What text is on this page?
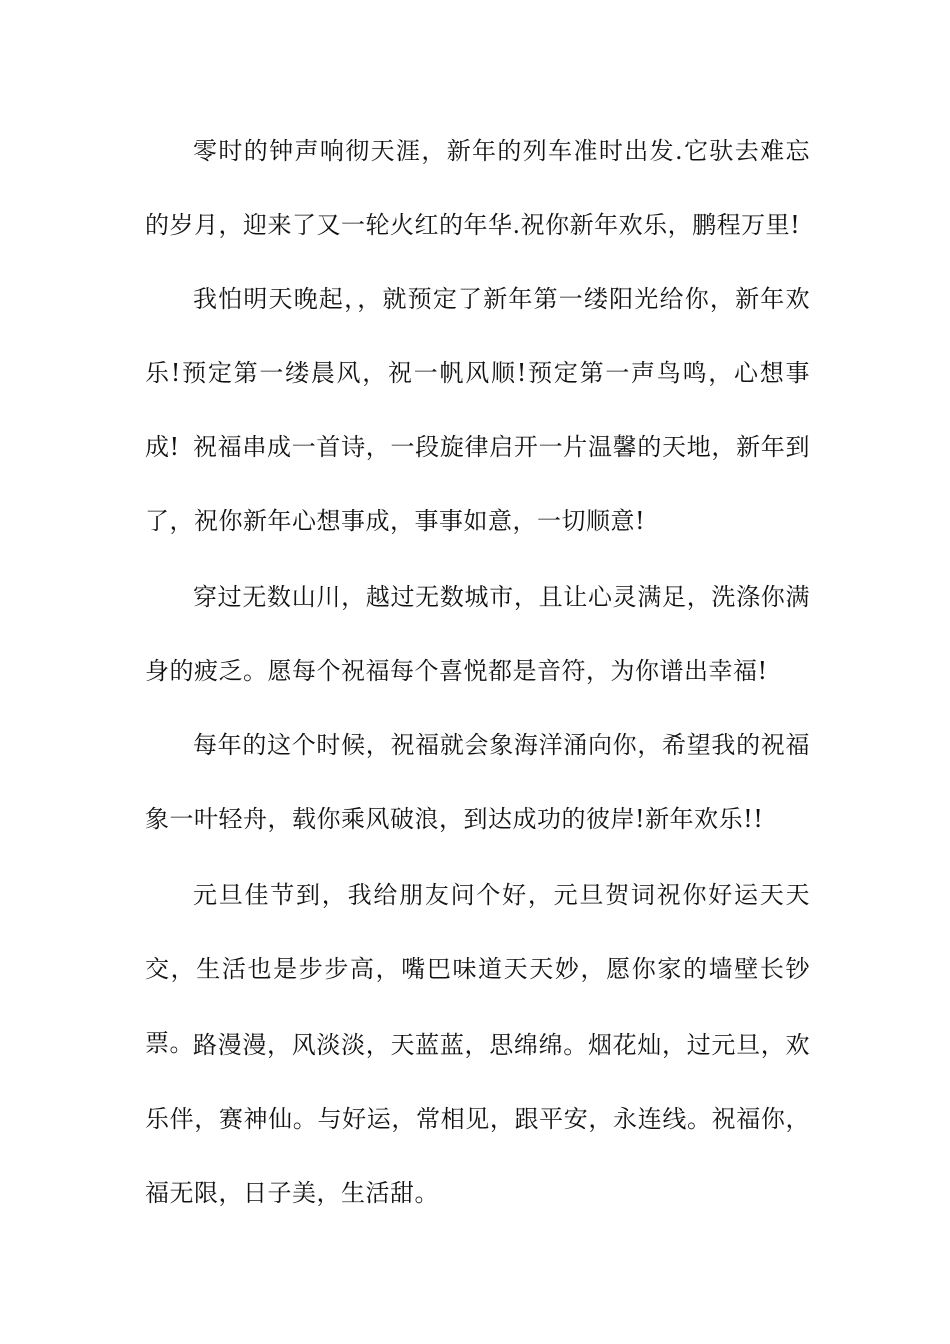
零时的钟声响彻天涯，新年的列车准时出发.它驮去难忘的岁月，迎来了又一轮火红的年华.祝你新年欢乐，鹏程万里!

我怕明天晚起，，就预定了新年第一缕阳光给你，新年欢乐!预定第一缕晨风，祝一帆风顺!预定第一声鸟鸣，心想事成! 祝福串成一首诗，一段旋律启开一片温馨的天地，新年到了，祝你新年心想事成，事事如意，一切顺意!

穿过无数山川，越过无数城市，且让心灵满足，洗涤你满身的疲乏。愿每个祝福每个喜悦都是音符，为你谱出幸福!

每年的这个时候，祝福就会象海洋涌向你，希望我的祝福象一叶轻舟，载你乘风破浪，到达成功的彼岸!新年欢乐!!

元旦佳节到，我给朋友问个好，元旦贺词祝你好运天天交，生活也是步步高，嘴巴味道天天妙，愿你家的墙壁长钞票。 路漫漫，风淡淡，天蓝蓝，思绵绵。烟花灿，过元旦，欢乐伴，赛神仙。与好运，常相见，跟平安，永连线。祝福你，福无限，日子美，生活甜。
